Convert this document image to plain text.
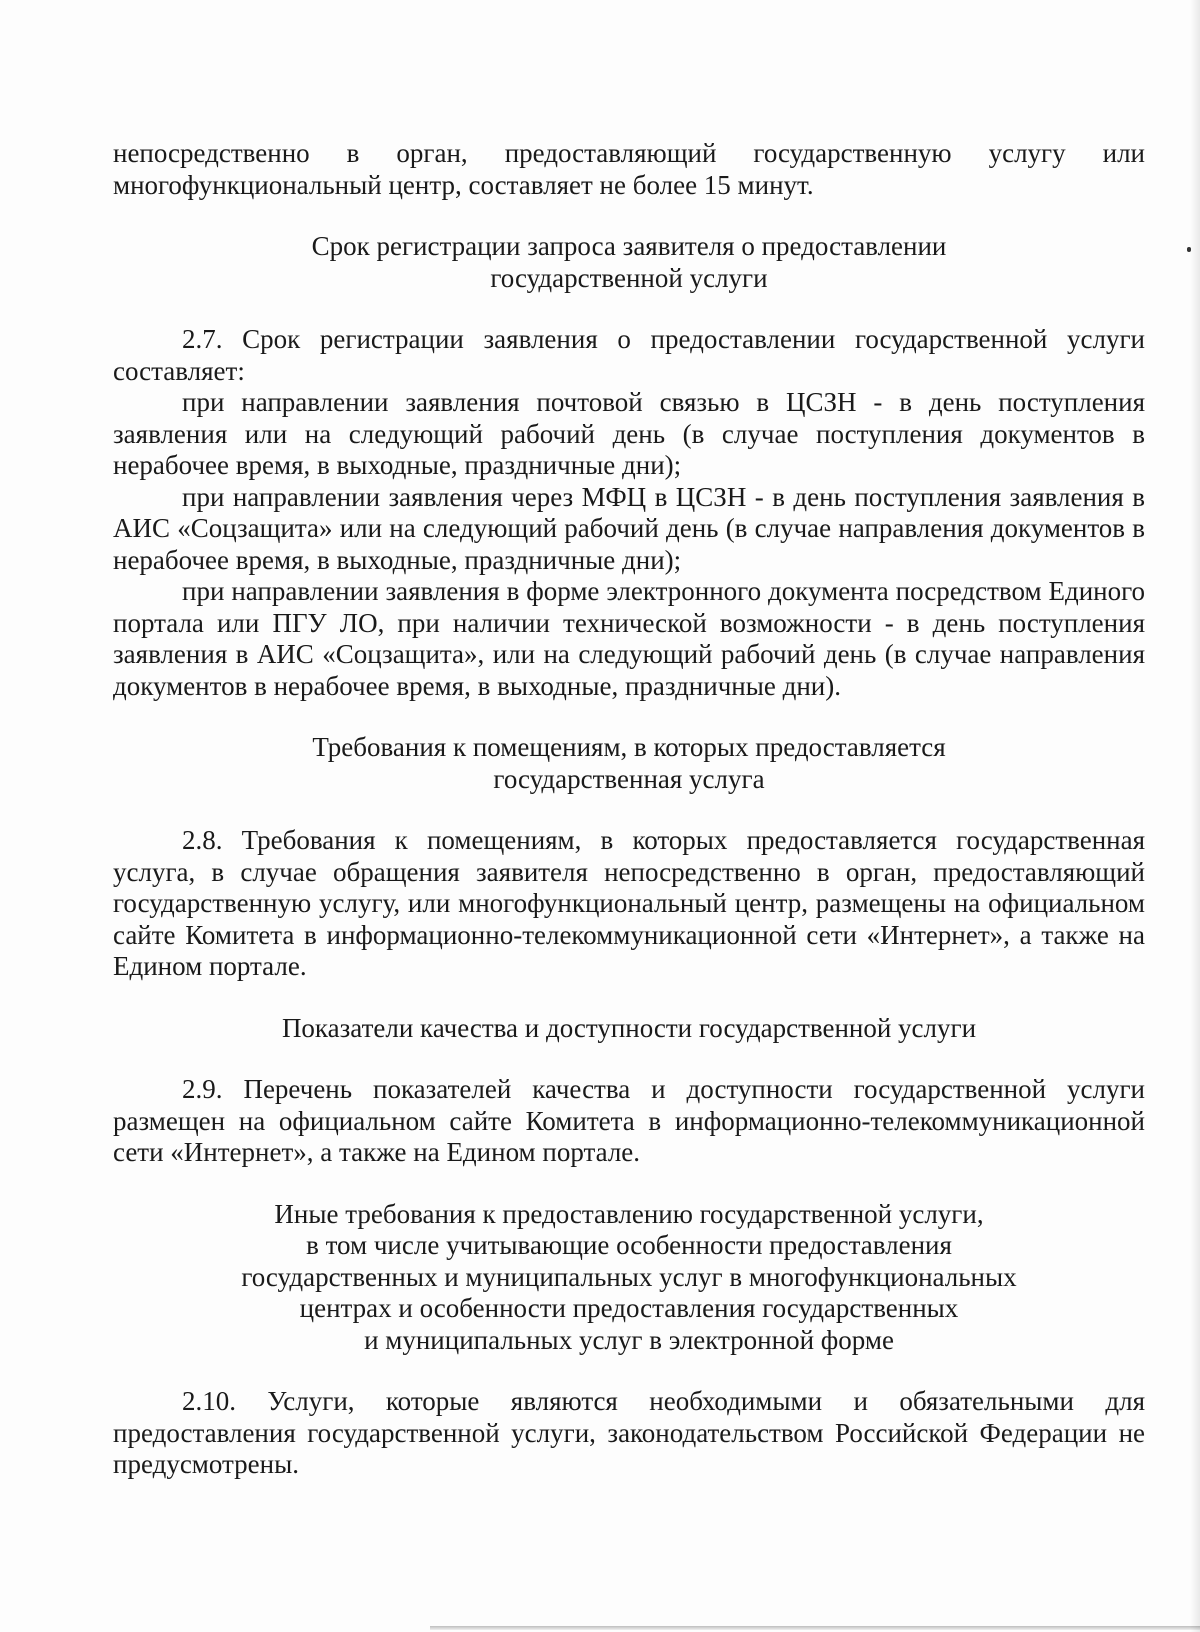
непосредственно в орган, предоставляющий государственную услугу или многофункциональный центр, составляет не более 15 минут.

Срок регистрации запроса заявителя о предоставлении
государственной услуги

2.7. Срок регистрации заявления о предоставлении государственной услуги составляет:

при направлении заявления почтовой связью в ЦСЗН - в день поступления заявления или на следующий рабочий день (в случае поступления документов в нерабочее время, в выходные, праздничные дни);

при направлении заявления через МФЦ в ЦСЗН - в день поступления заявления в АИС «Соцзащита» или на следующий рабочий день (в случае направления документов в нерабочее время, в выходные, праздничные дни);

при направлении заявления в форме электронного документа посредством Единого портала или ПГУ ЛО, при наличии технической возможности - в день поступления заявления в АИС «Соцзащита», или на следующий рабочий день (в случае направления документов в нерабочее время, в выходные, праздничные дни).

Требования к помещениям, в которых предоставляется
государственная услуга

2.8. Требования к помещениям, в которых предоставляется государственная услуга, в случае обращения заявителя непосредственно в орган, предоставляющий государственную услугу, или многофункциональный центр, размещены на официальном сайте Комитета в информационно-телекоммуникационной сети «Интернет», а также на Едином портале.

Показатели качества и доступности государственной услуги

2.9. Перечень показателей качества и доступности государственной услуги размещен на официальном сайте Комитета в информационно-телекоммуникационной сети «Интернет», а также на Едином портале.

Иные требования к предоставлению государственной услуги,
в том числе учитывающие особенности предоставления
государственных и муниципальных услуг в многофункциональных
центрах и особенности предоставления государственных
и муниципальных услуг в электронной форме

2.10. Услуги, которые являются необходимыми и обязательными для предоставления государственной услуги, законодательством Российской Федерации не предусмотрены.
